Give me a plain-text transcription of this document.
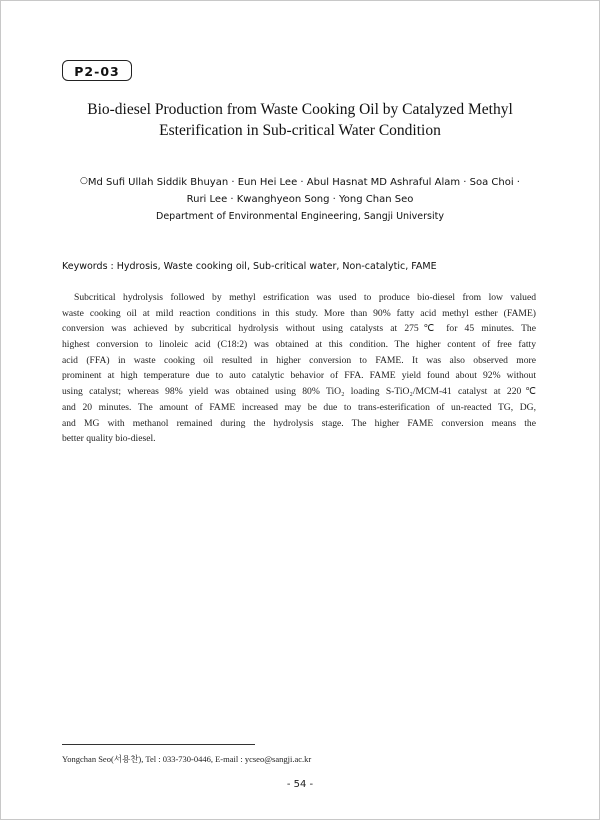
P2-03
Bio-diesel Production from Waste Cooking Oil by Catalyzed Methyl
Esterification in Sub-critical Water Condition
○Md Sufi Ullah Siddik Bhuyan · Eun Hei Lee · Abul Hasnat MD Ashraful Alam · Soa Choi ·
Ruri Lee · Kwanghyeon Song · Yong Chan Seo
Department of Environmental Engineering, Sangji University
Keywords : Hydrosis, Waste cooking oil, Sub-critical water, Non-catalytic, FAME
Subcritical hydrolysis followed by methyl estrification was used to produce bio-diesel from low valued
waste cooking oil at mild reaction conditions in this study. More than 90% fatty acid methyl esther (FAME)
conversion was achieved by subcritical hydrolysis without using catalysts at 275℃ for 45 minutes. The
highest conversion to linoleic acid (C18:2) was obtained at this condition. The higher content of free fatty
acid (FFA) in waste cooking oil resulted in higher conversion to FAME. It was also observed more
prominent at high temperature due to auto catalytic behavior of FFA. FAME yield found about 92% without
using catalyst; whereas 98% yield was obtained using 80% TiO₂ loading S-TiO₂/MCM-41 catalyst at 220℃
and 20 minutes. The amount of FAME increased may be due to trans-esterification of un-reacted TG, DG,
and MG with methanol remained during the hydrolysis stage. The higher FAME conversion means the
better quality bio-diesel.
Yongchan Seo(서용찬), Tel : 033-730-0446, E-mail : ycseo@sangji.ac.kr
- 54 -
